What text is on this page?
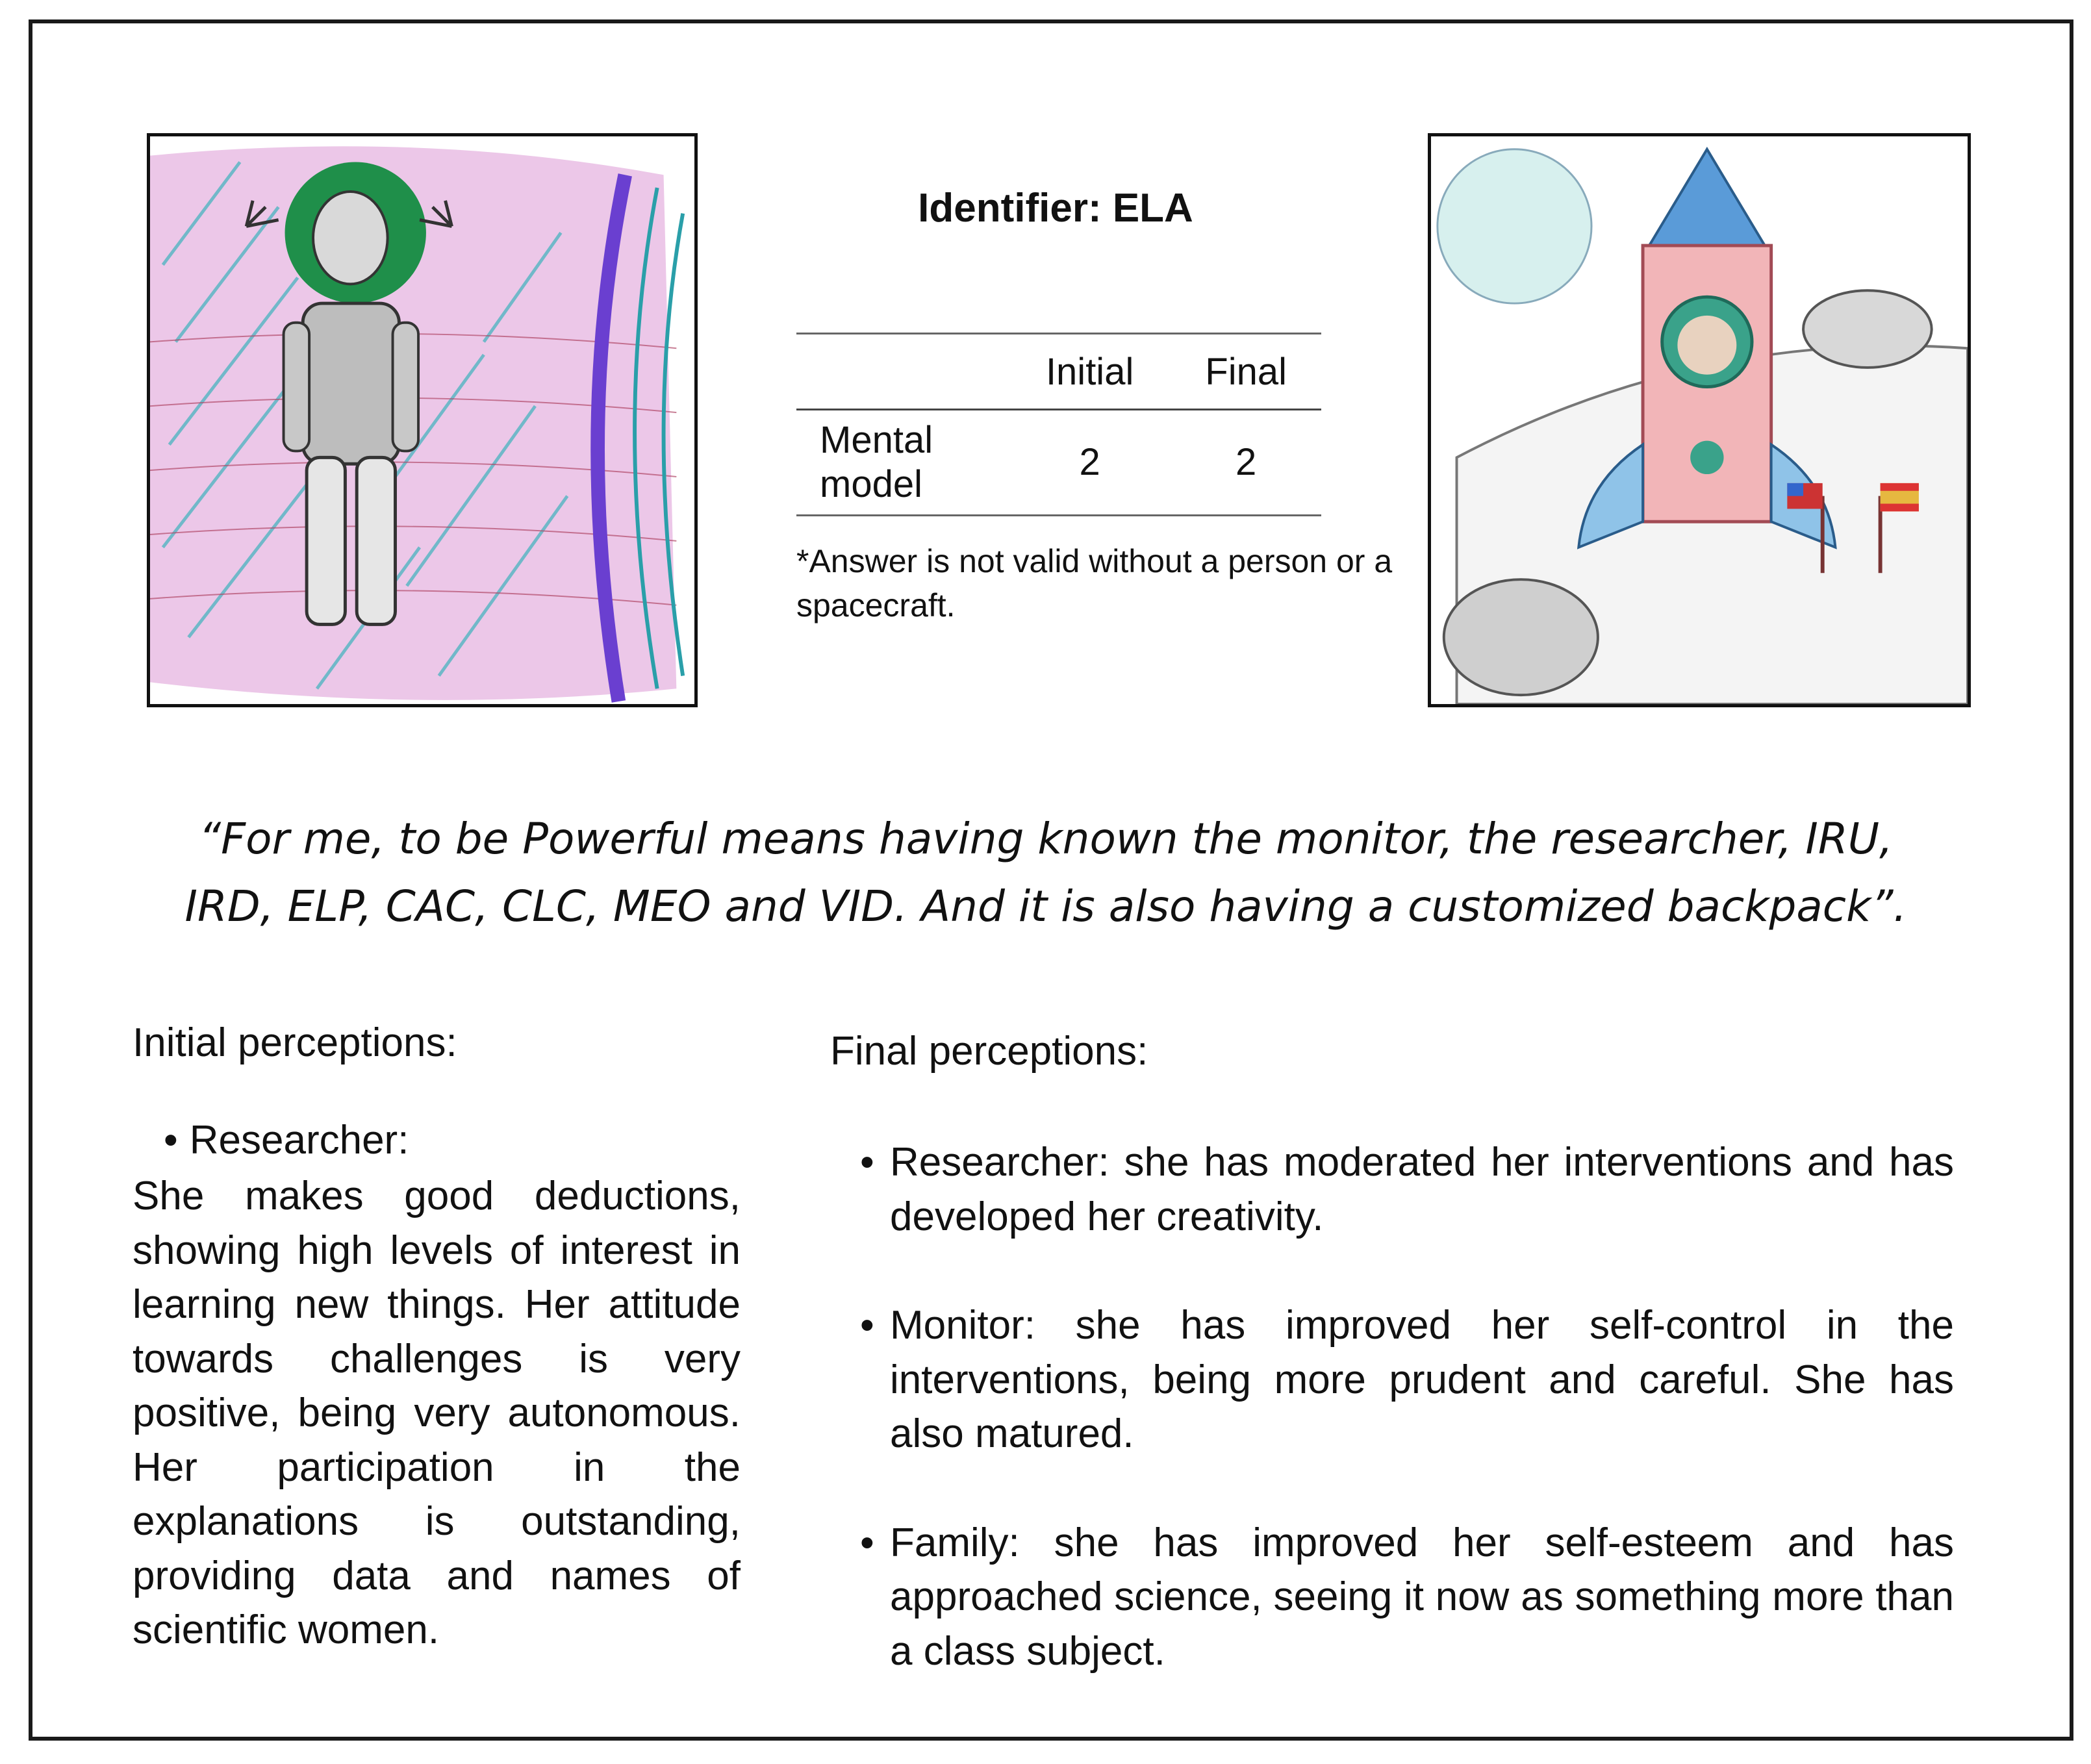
Identifier: ELA
	Initial	Final
Mental model	2	2
*Answer is not valid without a person or a spacecraft.
“For me, to be Powerful means having known the monitor, the researcher, IRU, IRD, ELP, CAC, CLC, MEO and VID. And it is also having a customized backpack”.
Initial perceptions:
• Researcher:
She makes good deductions, showing high levels of interest in learning new things. Her attitude towards challenges is very positive, being very autonomous. Her participation in the explanations is outstanding, providing data and names of scientific women.
Final perceptions:
• Researcher: she has moderated her interventions and has developed her creativity.
• Monitor: she has improved her self-control in the interventions, being more prudent and careful. She has also matured.
• Family: she has improved her self-esteem and has approached science, seeing it now as something more than a class subject.
